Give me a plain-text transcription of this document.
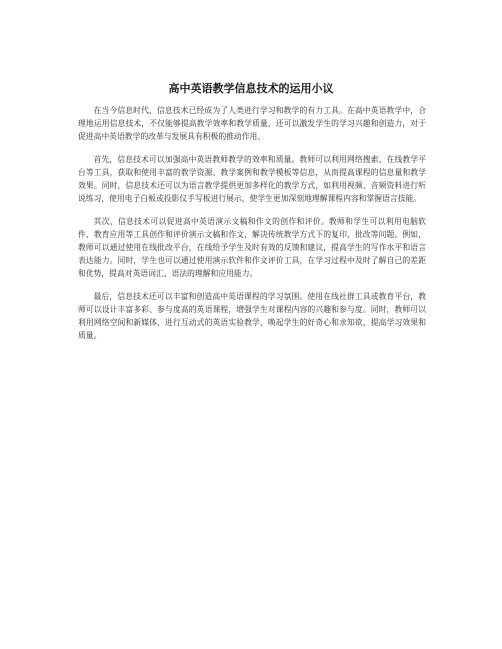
高中英语教学信息技术的运用小议

在当今信息时代，信息技术已经成为了人类进行学习和教学的有力工具。在高中英语教学中，合理地运用信息技术，不仅能够提高教学效率和教学质量，还可以激发学生的学习兴趣和创造力，对于促进高中英语教学的改革与发展具有积极的推动作用。

首先，信息技术可以加强高中英语教师教学的效率和质量。教师可以利用网络搜索、在线教学平台等工具，获取和使用丰富的教学资源、教学案例和教学模板等信息，从而提高课程的信息量和教学效果。同时，信息技术还可以为语言教学提供更加多样化的教学方式，如利用视频、音频资料进行听说练习，使用电子白板或投影仪手写板进行展示，使学生更加深刻地理解课程内容和掌握语言技能。

其次，信息技术可以促进高中英语演示文稿和作文的创作和评价。教师和学生可以利用电脑软件、教育应用等工具创作和评价演示文稿和作文，解决传统教学方式下的复印、批改等问题。例如，教师可以通过使用在线批改平台，在线给予学生及时有效的反馈和建议，提高学生的写作水平和语言表达能力。同时，学生也可以通过使用演示软件和作文评价工具，在学习过程中及时了解自己的差距和优势，提高对英语词汇、语法的理解和应用能力。

最后，信息技术还可以丰富和创造高中英语课程的学习氛围。使用在线社群工具或教育平台，教师可以设计丰富多彩、参与度高的英语课程，增强学生对课程内容的兴趣和参与度。同时，教师可以利用网络空间和新媒体，进行互动式的英语实验教学，唤起学生的好奇心和求知欲，提高学习效果和质量。
